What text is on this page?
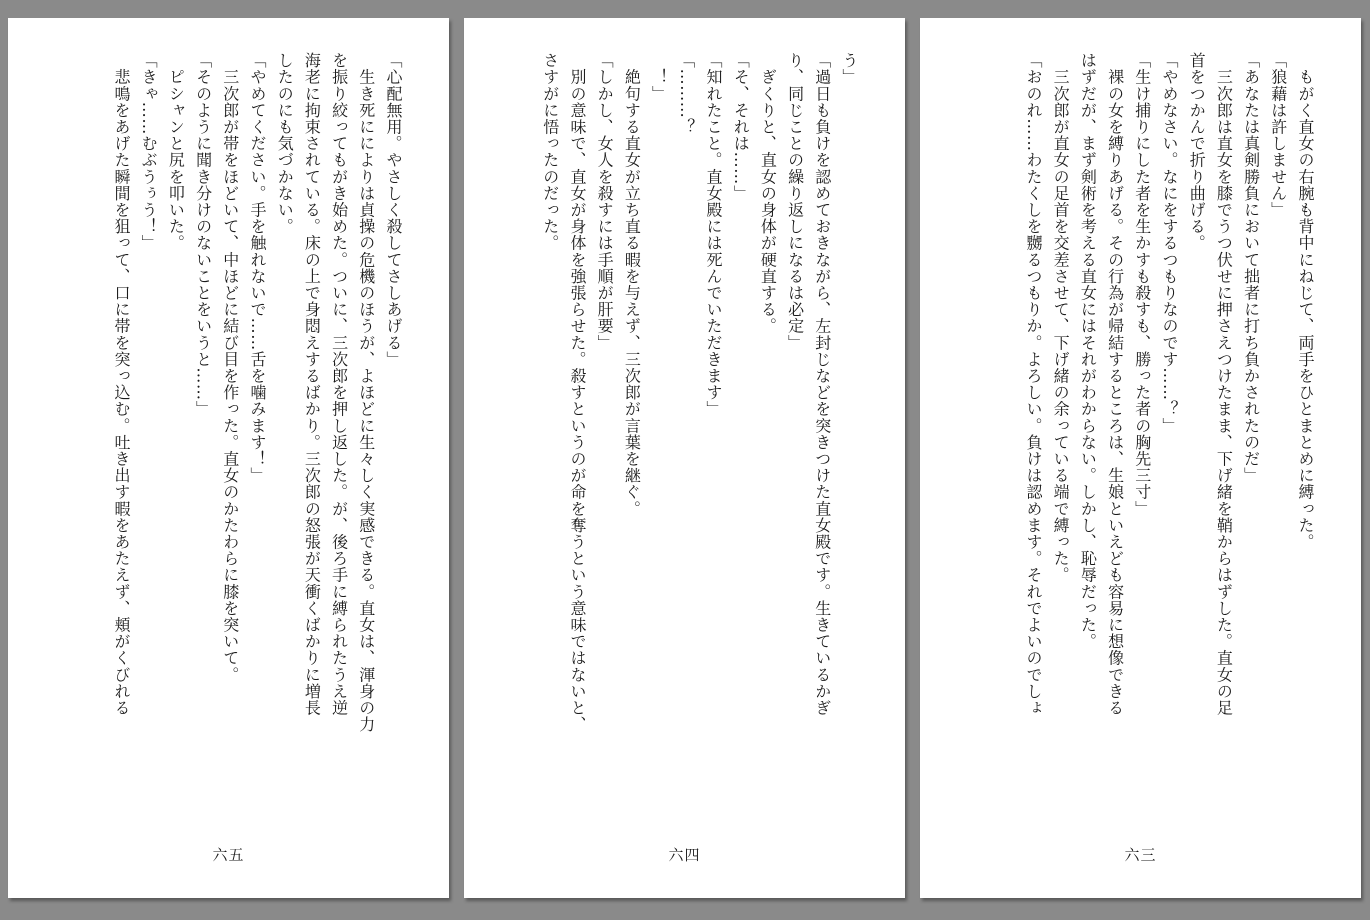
「心配無用。やさしく殺してさしあげる」
　生き死にによりは貞操の危機のほうが、よほどに生々しく実感できる。直女は、渾身の力
を振り絞ってもがき始めた。ついに、三次郎を押し返した。が、後ろ手に縛られたうえ逆
海老に拘束されている。床の上で身悶えするばかり。三次郎の怒張が天衝くばかりに増長
したのにも気づかない。
「やめてください。手を触れないで……舌を噛みます！」
　三次郎が帯をほどいて、中ほどに結び目を作った。直女のかたわらに膝を突いて。
「そのように聞き分けのないことをいうと……」
　ピシャンと尻を叩いた。
「きゃ……むぶうぅう！」
　悲鳴をあげた瞬間を狙って、口に帯を突っ込む。吐き出す暇をあたえず、頬がくびれる
六五
う」
「過日も負けを認めておきながら、左封じなどを突きつけた直女殿です。生きているかぎ
り、同じことの繰り返しになるは必定」
　ぎくりと、直女の身体が硬直する。
「そ、それは……」
「知れたこと。直女殿には死んでいただきます」
「………？
　！」
　絶句する直女が立ち直る暇を与えず、三次郎が言葉を継ぐ。
「しかし、女人を殺すには手順が肝要」
　別の意味で、直女が身体を強張らせた。殺すというのが命を奪うという意味ではないと、
さすがに悟ったのだった。
六四
　もがく直女の右腕も背中にねじて、両手をひとまとめに縛った。
「狼藉は許しません」
「あなたは真剣勝負において拙者に打ち負かされたのだ」
　三次郎は直女を膝でうつ伏せに押さえつけたまま、下げ緒を鞘からはずした。直女の足
首をつかんで折り曲げる。
「やめなさい。なにをするつもりなのです……？」
「生け捕りにした者を生かすも殺すも、勝った者の胸先三寸」
　裸の女を縛りあげる。その行為が帰結するところは、生娘といえども容易に想像できる
はずだが、まず剣術を考える直女にはそれがわからない。しかし、恥辱だった。
　三次郎が直女の足首を交差させて、下げ緒の余っている端で縛った。
「おのれ……わたくしを嬲るつもりか。よろしい。負けは認めます。それでよいのでしょ
六三
